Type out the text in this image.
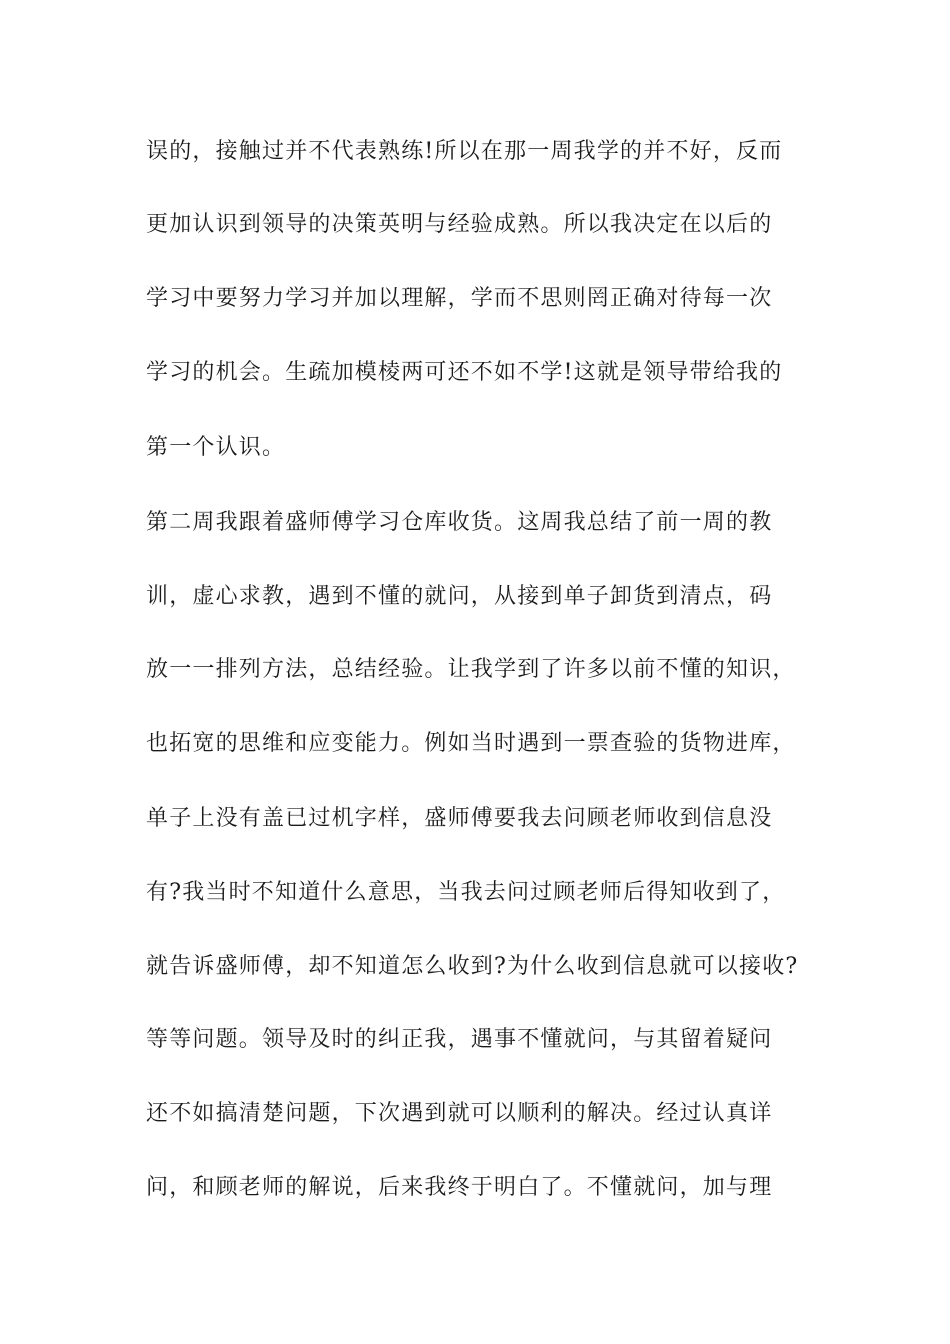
误的，接触过并不代表熟练!所以在那一周我学的并不好，反而
更加认识到领导的决策英明与经验成熟。所以我决定在以后的
学习中要努力学习并加以理解，学而不思则罔正确对待每一次
学习的机会。生疏加模棱两可还不如不学!这就是领导带给我的
第一个认识。
第二周我跟着盛师傅学习仓库收货。这周我总结了前一周的教
训，虚心求教，遇到不懂的就问，从接到单子卸货到清点，码
放一一排列方法，总结经验。让我学到了许多以前不懂的知识，
也拓宽的思维和应变能力。例如当时遇到一票查验的货物进库，
单子上没有盖已过机字样，盛师傅要我去问顾老师收到信息没
有?我当时不知道什么意思，当我去问过顾老师后得知收到了，
就告诉盛师傅，却不知道怎么收到?为什么收到信息就可以接收?
等等问题。领导及时的纠正我，遇事不懂就问，与其留着疑问
还不如搞清楚问题，下次遇到就可以顺利的解决。经过认真详
问，和顾老师的解说，后来我终于明白了。不懂就问，加与理
